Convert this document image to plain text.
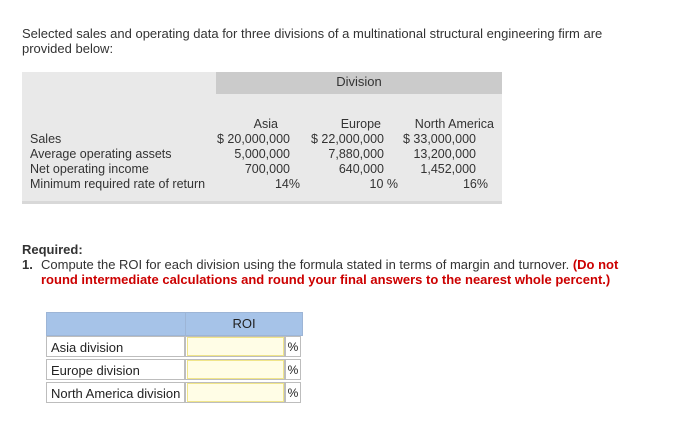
Selected sales and operating data for three divisions of a multinational structural engineering firm are provided below:
Division
Asia	Europe	North America
Sales	$ 20,000,000	$ 22,000,000	$ 33,000,000
Average operating assets	5,000,000	7,880,000	13,200,000
Net operating income	700,000	640,000	1,452,000
Minimum required rate of return	14%	10 %	16%
Required:
1. Compute the ROI for each division using the formula stated in terms of margin and turnover. (Do not round intermediate calculations and round your final answers to the nearest whole percent.)
ROI
Asia division	%
Europe division	%
North America division	%
